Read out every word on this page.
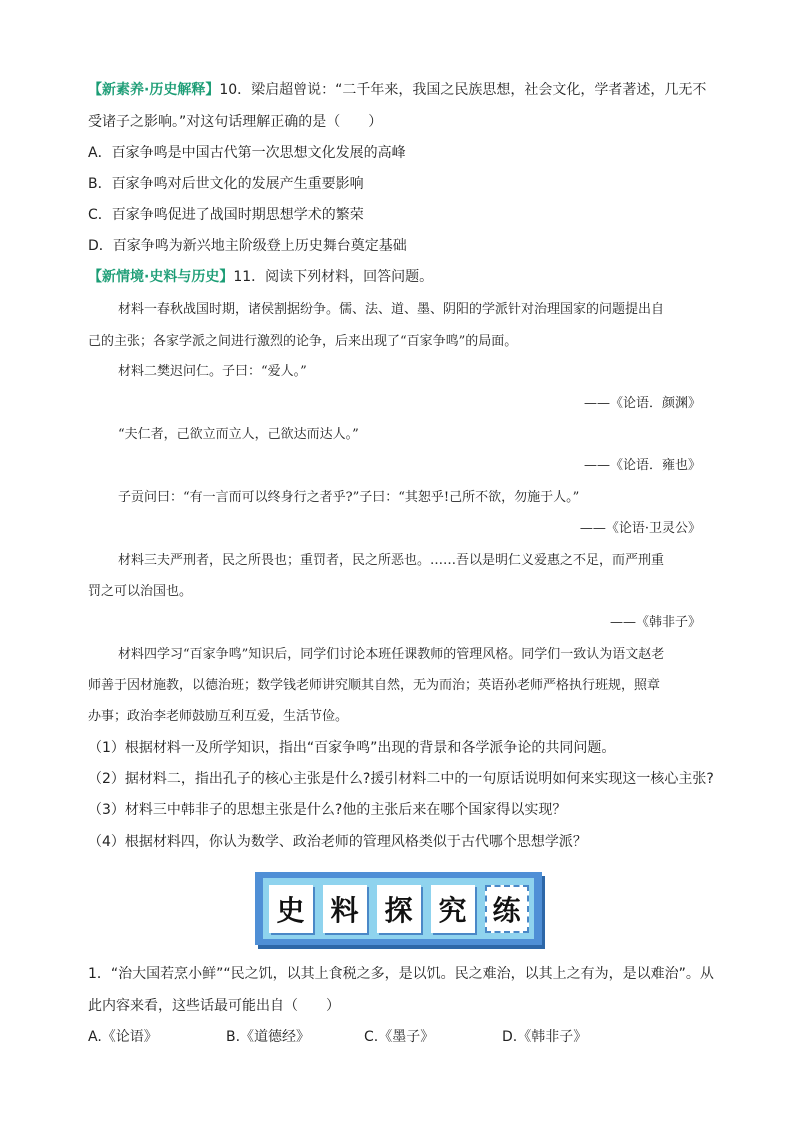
【新素养·历史解释】10．梁启超曾说：“二千年来，我国之民族思想，社会文化，学者著述，几无不
受诸子之影响。”对这句话理解正确的是（　　）
A．百家争鸣是中国古代第一次思想文化发展的高峰
B．百家争鸣对后世文化的发展产生重要影响
C．百家争鸣促进了战国时期思想学术的繁荣
D．百家争鸣为新兴地主阶级登上历史舞台奠定基础
【新情境·史料与历史】11．阅读下列材料，回答问题。
材料一春秋战国时期，诸侯割据纷争。儒、法、道、墨、阴阳的学派针对治理国家的问题提出自
己的主张；各家学派之间进行激烈的论争，后来出现了“百家争鸣”的局面。
材料二樊迟问仁。子曰：“爱人。”
——《论语．颜渊》
“夫仁者，己欲立而立人，己欲达而达人。”
——《论语．雍也》
子贡问曰：“有一言而可以终身行之者乎?”子曰：“其恕乎!己所不欲，勿施于人。”
——《论语·卫灵公》
材料三夫严刑者，民之所畏也；重罚者，民之所恶也。……吾以是明仁义爱惠之不足，而严刑重
罚之可以治国也。
——《韩非子》
材料四学习“百家争鸣”知识后，同学们讨论本班任课教师的管理风格。同学们一致认为语文赵老
师善于因材施教，以德治班；数学钱老师讲究顺其自然，无为而治；英语孙老师严格执行班规，照章
办事；政治李老师鼓励互利互爱，生活节俭。
（1）根据材料一及所学知识，指出“百家争鸣”出现的背景和各学派争论的共同问题。
（2）据材料二，指出孔子的核心主张是什么?援引材料二中的一句原话说明如何来实现这一核心主张?
（3）材料三中韩非子的思想主张是什么?他的主张后来在哪个国家得以实现？
（4）根据材料四，你认为数学、政治老师的管理风格类似于古代哪个思想学派？
史 料 探 究 练
1．“治大国若烹小鲜”“民之饥，以其上食税之多，是以饥。民之难治，以其上之有为，是以难治”。从
此内容来看，这些话最可能出自（　　）
A.《论语》	B.《道德经》	C.《墨子》	D.《韩非子》
